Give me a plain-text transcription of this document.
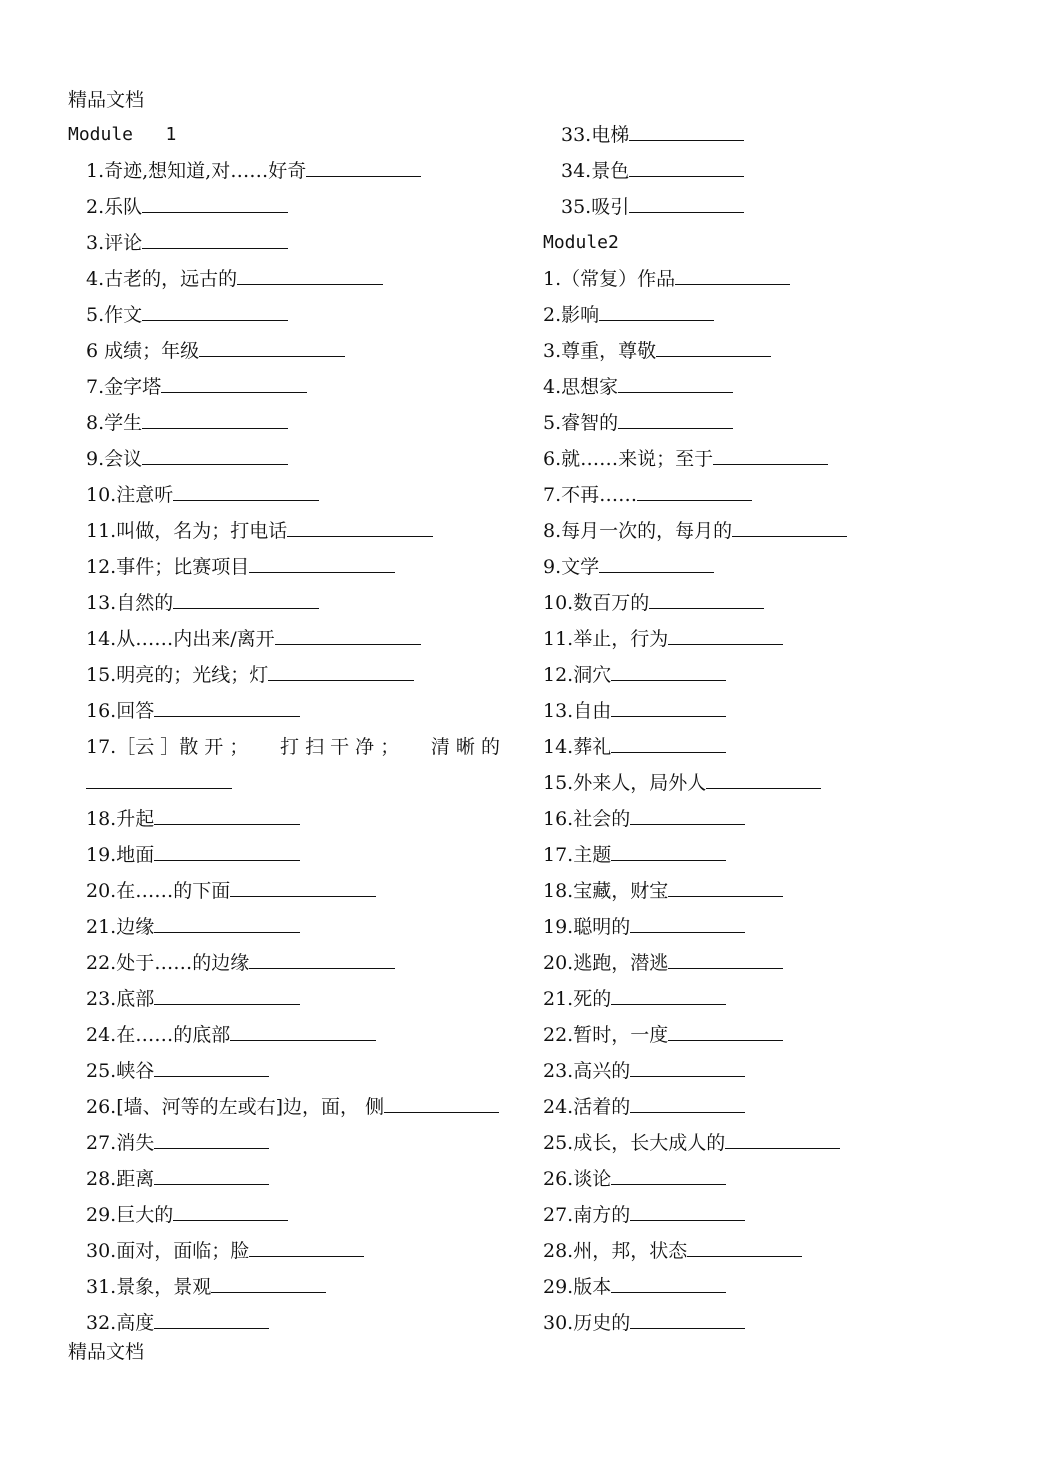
精品文档
Module   1
1.奇迹,想知道,对……好奇
2.乐队
3.评论
4.古老的，远古的
5.作文
6 成绩；年级
7.金字塔
8.学生
9.会议
10.注意听
11.叫做，名为；打电话
12.事件；比赛项目
13.自然的
14.从……内出来/离开
15.明亮的；光线；灯
16.回答
17.［云 ］散 开 ； 打 扫 干 净 ； 清 晰 的
18.升起
19.地面
20.在……的下面
21.边缘
22.处于……的边缘
23.底部
24.在……的底部
25.峡谷
26.[墙、河等的左或右]边，面， 侧
27.消失
28.距离
29.巨大的
30.面对，面临；脸
31.景象，景观
32.高度
33.电梯
34.景色
35.吸引
Module2
1.（常复）作品
2.影响
3.尊重，尊敬
4.思想家
5.睿智的
6.就……来说；至于
7.不再……
8.每月一次的，每月的
9.文学
10.数百万的
11.举止，行为
12.洞穴
13.自由
14.葬礼
15.外来人，局外人
16.社会的
17.主题
18.宝藏，财宝
19.聪明的
20.逃跑，潜逃
21.死的
22.暂时，一度
23.高兴的
24.活着的
25.成长，长大成人的
26.谈论
27.南方的
28.州，邦，状态
29.版本
30.历史的
精品文档
